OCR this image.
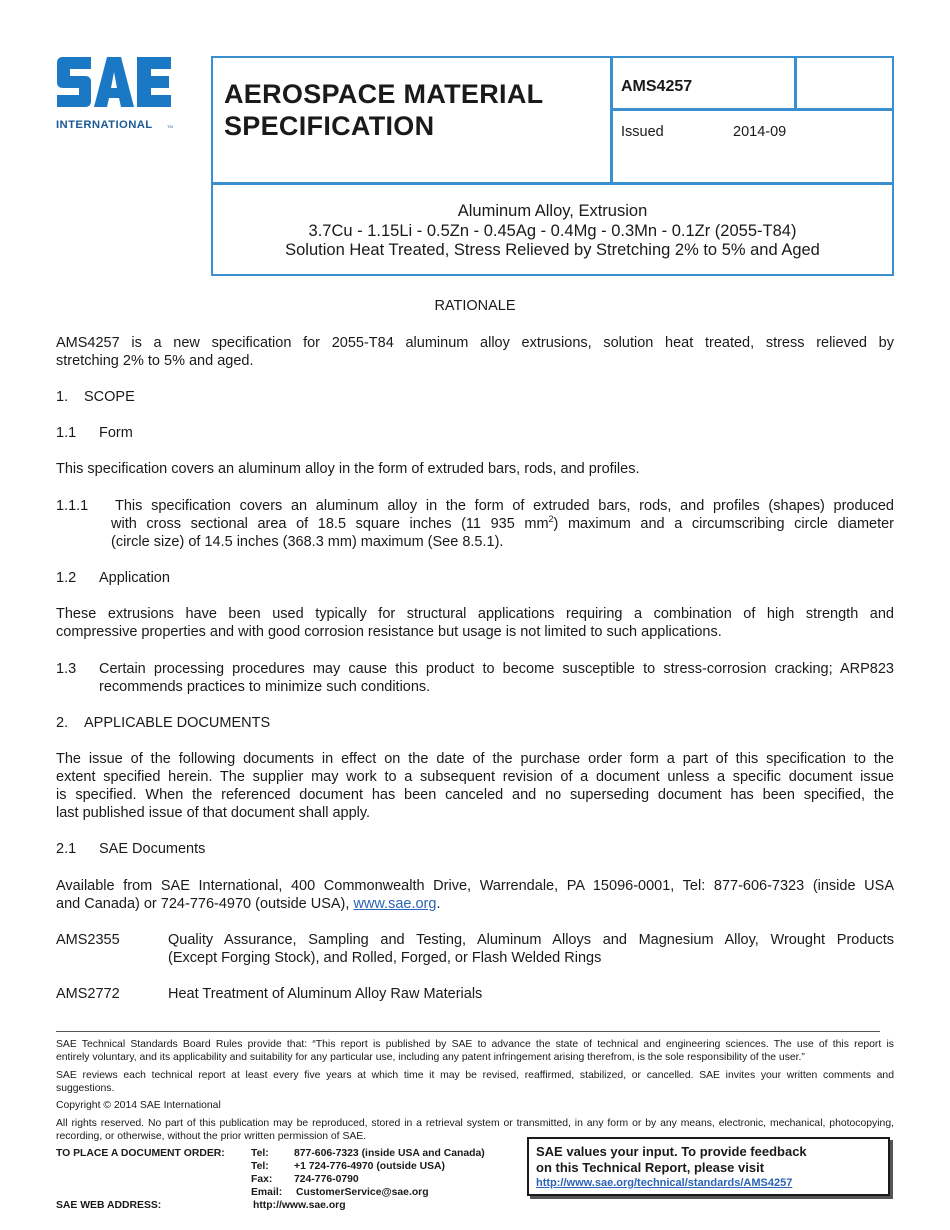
INTERNATIONAL	TM
AEROSPACE MATERIAL
SPECIFICATION
AMS4257
Issued	2014-09
Aluminum Alloy, Extrusion
3.7Cu - 1.15Li - 0.5Zn - 0.45Ag - 0.4Mg - 0.3Mn - 0.1Zr (2055-T84)
Solution Heat Treated, Stress Relieved by Stretching 2% to 5% and Aged
RATIONALE
AMS4257 is a new specification for 2055-T84 aluminum alloy extrusions, solution heat treated, stress relieved by
stretching 2% to 5% and aged.
1. SCOPE
1.1 Form
This specification covers an aluminum alloy in the form of extruded bars, rods, and profiles.
1.1.1 This specification covers an aluminum alloy in the form of extruded bars, rods, and profiles (shapes) produced
with cross sectional area of 18.5 square inches (11 935 $mm^2$) maximum and a circumscribing circle diameter
(circle size) of 14.5 inches (368.3 mm) maximum (See 8.5.1).
1.2 Application
These extrusions have been used typically for structural applications requiring a combination of high strength and
compressive properties and with good corrosion resistance but usage is not limited to such applications.
1.3 Certain processing procedures may cause this product to become susceptible to stress-corrosion cracking; ARP823
recommends practices to minimize such conditions.
2. APPLICABLE DOCUMENTS
The issue of the following documents in effect on the date of the purchase order form a part of this specification to the
extent specified herein. The supplier may work to a subsequent revision of a document unless a specific document issue
is specified. When the referenced document has been canceled and no superseding document has been specified, the
last published issue of that document shall apply.
2.1 SAE Documents
Available from SAE International, 400 Commonwealth Drive, Warrendale, PA 15096-0001, Tel: 877-606-7323 (inside USA
and Canada) or 724-776-4970 (outside USA), www.sae.org.
AMS2355	Quality Assurance, Sampling and Testing, Aluminum Alloys and Magnesium Alloy, Wrought Products
(Except Forging Stock), and Rolled, Forged, or Flash Welded Rings
AMS2772	Heat Treatment of Aluminum Alloy Raw Materials
SAE Technical Standards Board Rules provide that: “This report is published by SAE to advance the state of technical and engineering sciences. The use of this report is
entirely voluntary, and its applicability and suitability for any particular use, including any patent infringement arising therefrom, is the sole responsibility of the user.”
SAE reviews each technical report at least every five years at which time it may be revised, reaffirmed, stabilized, or cancelled. SAE invites your written comments and
suggestions.
Copyright © 2014 SAE International
All rights reserved. No part of this publication may be reproduced, stored in a retrieval system or transmitted, in any form or by any means, electronic, mechanical, photocopying,
recording, or otherwise, without the prior written permission of SAE.
TO PLACE A DOCUMENT ORDER:	Tel: 877-606-7323 (inside USA and Canada)
Tel: +1 724-776-4970 (outside USA)
Fax: 724-776-0790
Email: CustomerService@sae.org
SAE WEB ADDRESS:	http://www.sae.org
SAE values your input. To provide feedback
on this Technical Report, please visit
http://www.sae.org/technical/standards/AMS4257
